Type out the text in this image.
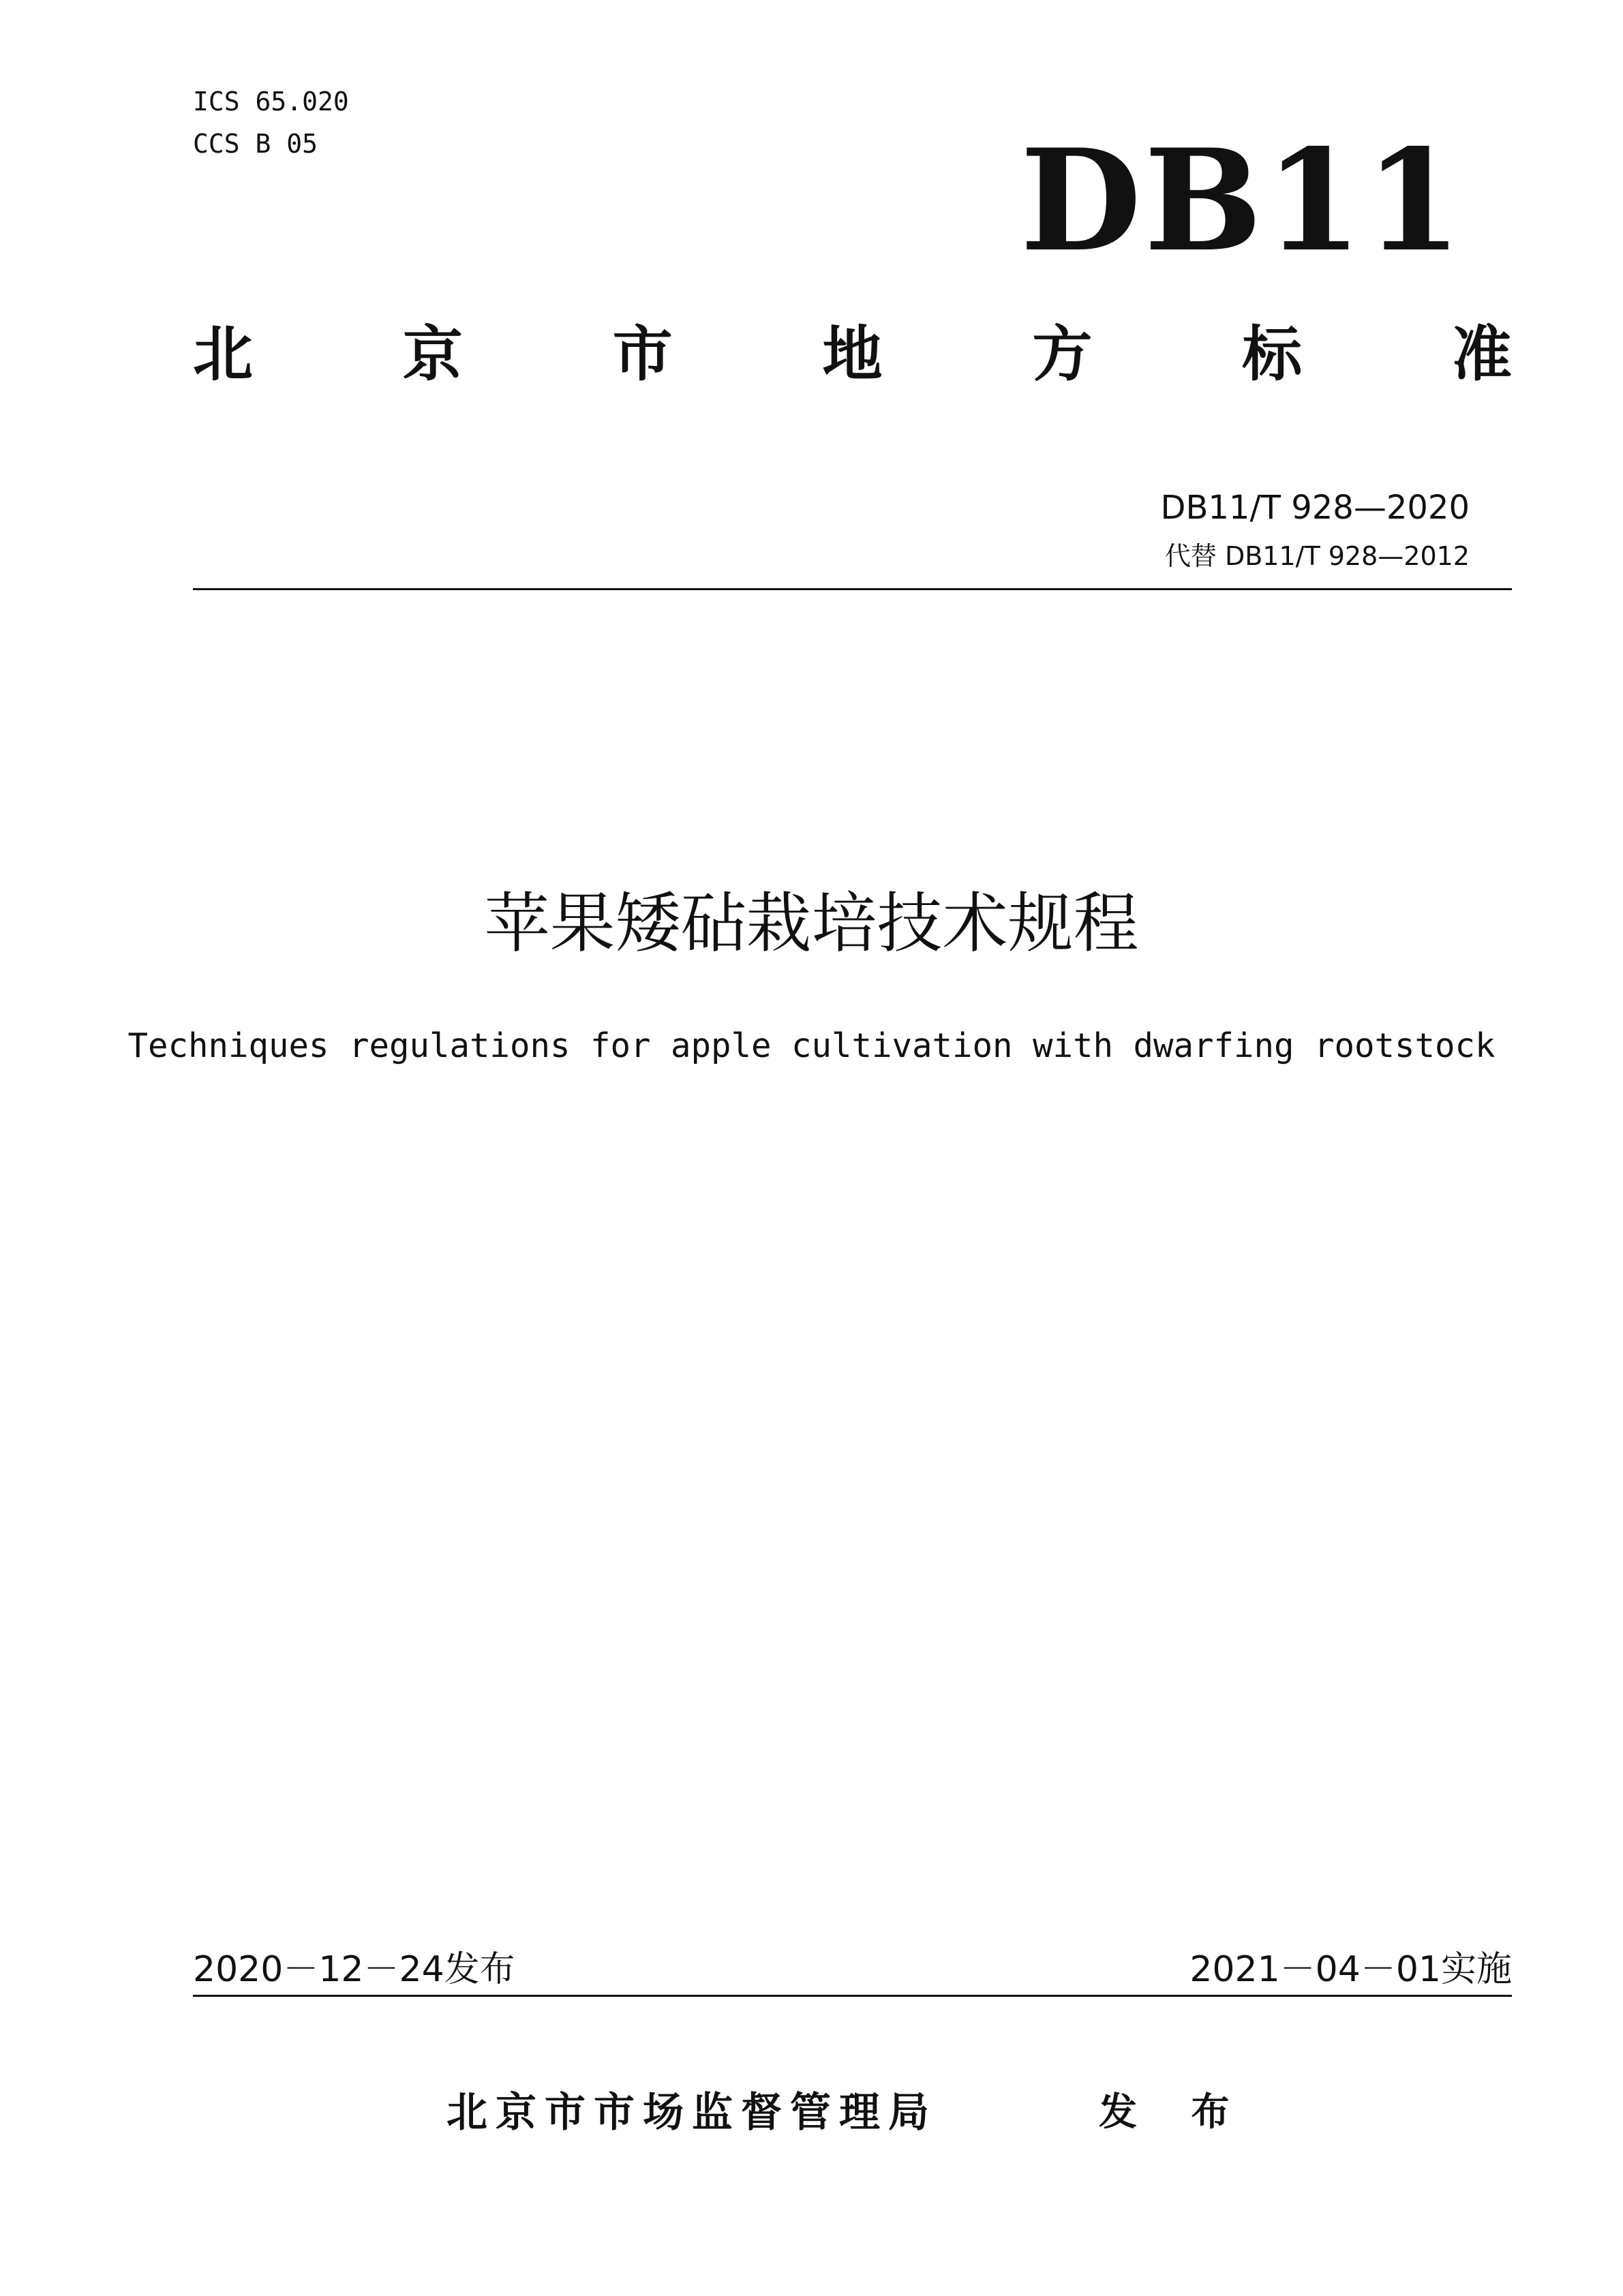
ICS 65.020
CCS B 05	DB11
北 京 市 地 方 标 准
DB11/T 928—2020
代替 DB11/T 928—2012
苹果矮砧栽培技术规程
Techniques regulations for apple cultivation with dwarfing rootstock
2020－12－24发布	2021－04－01实施
北京市市场监督管理局	发 布
